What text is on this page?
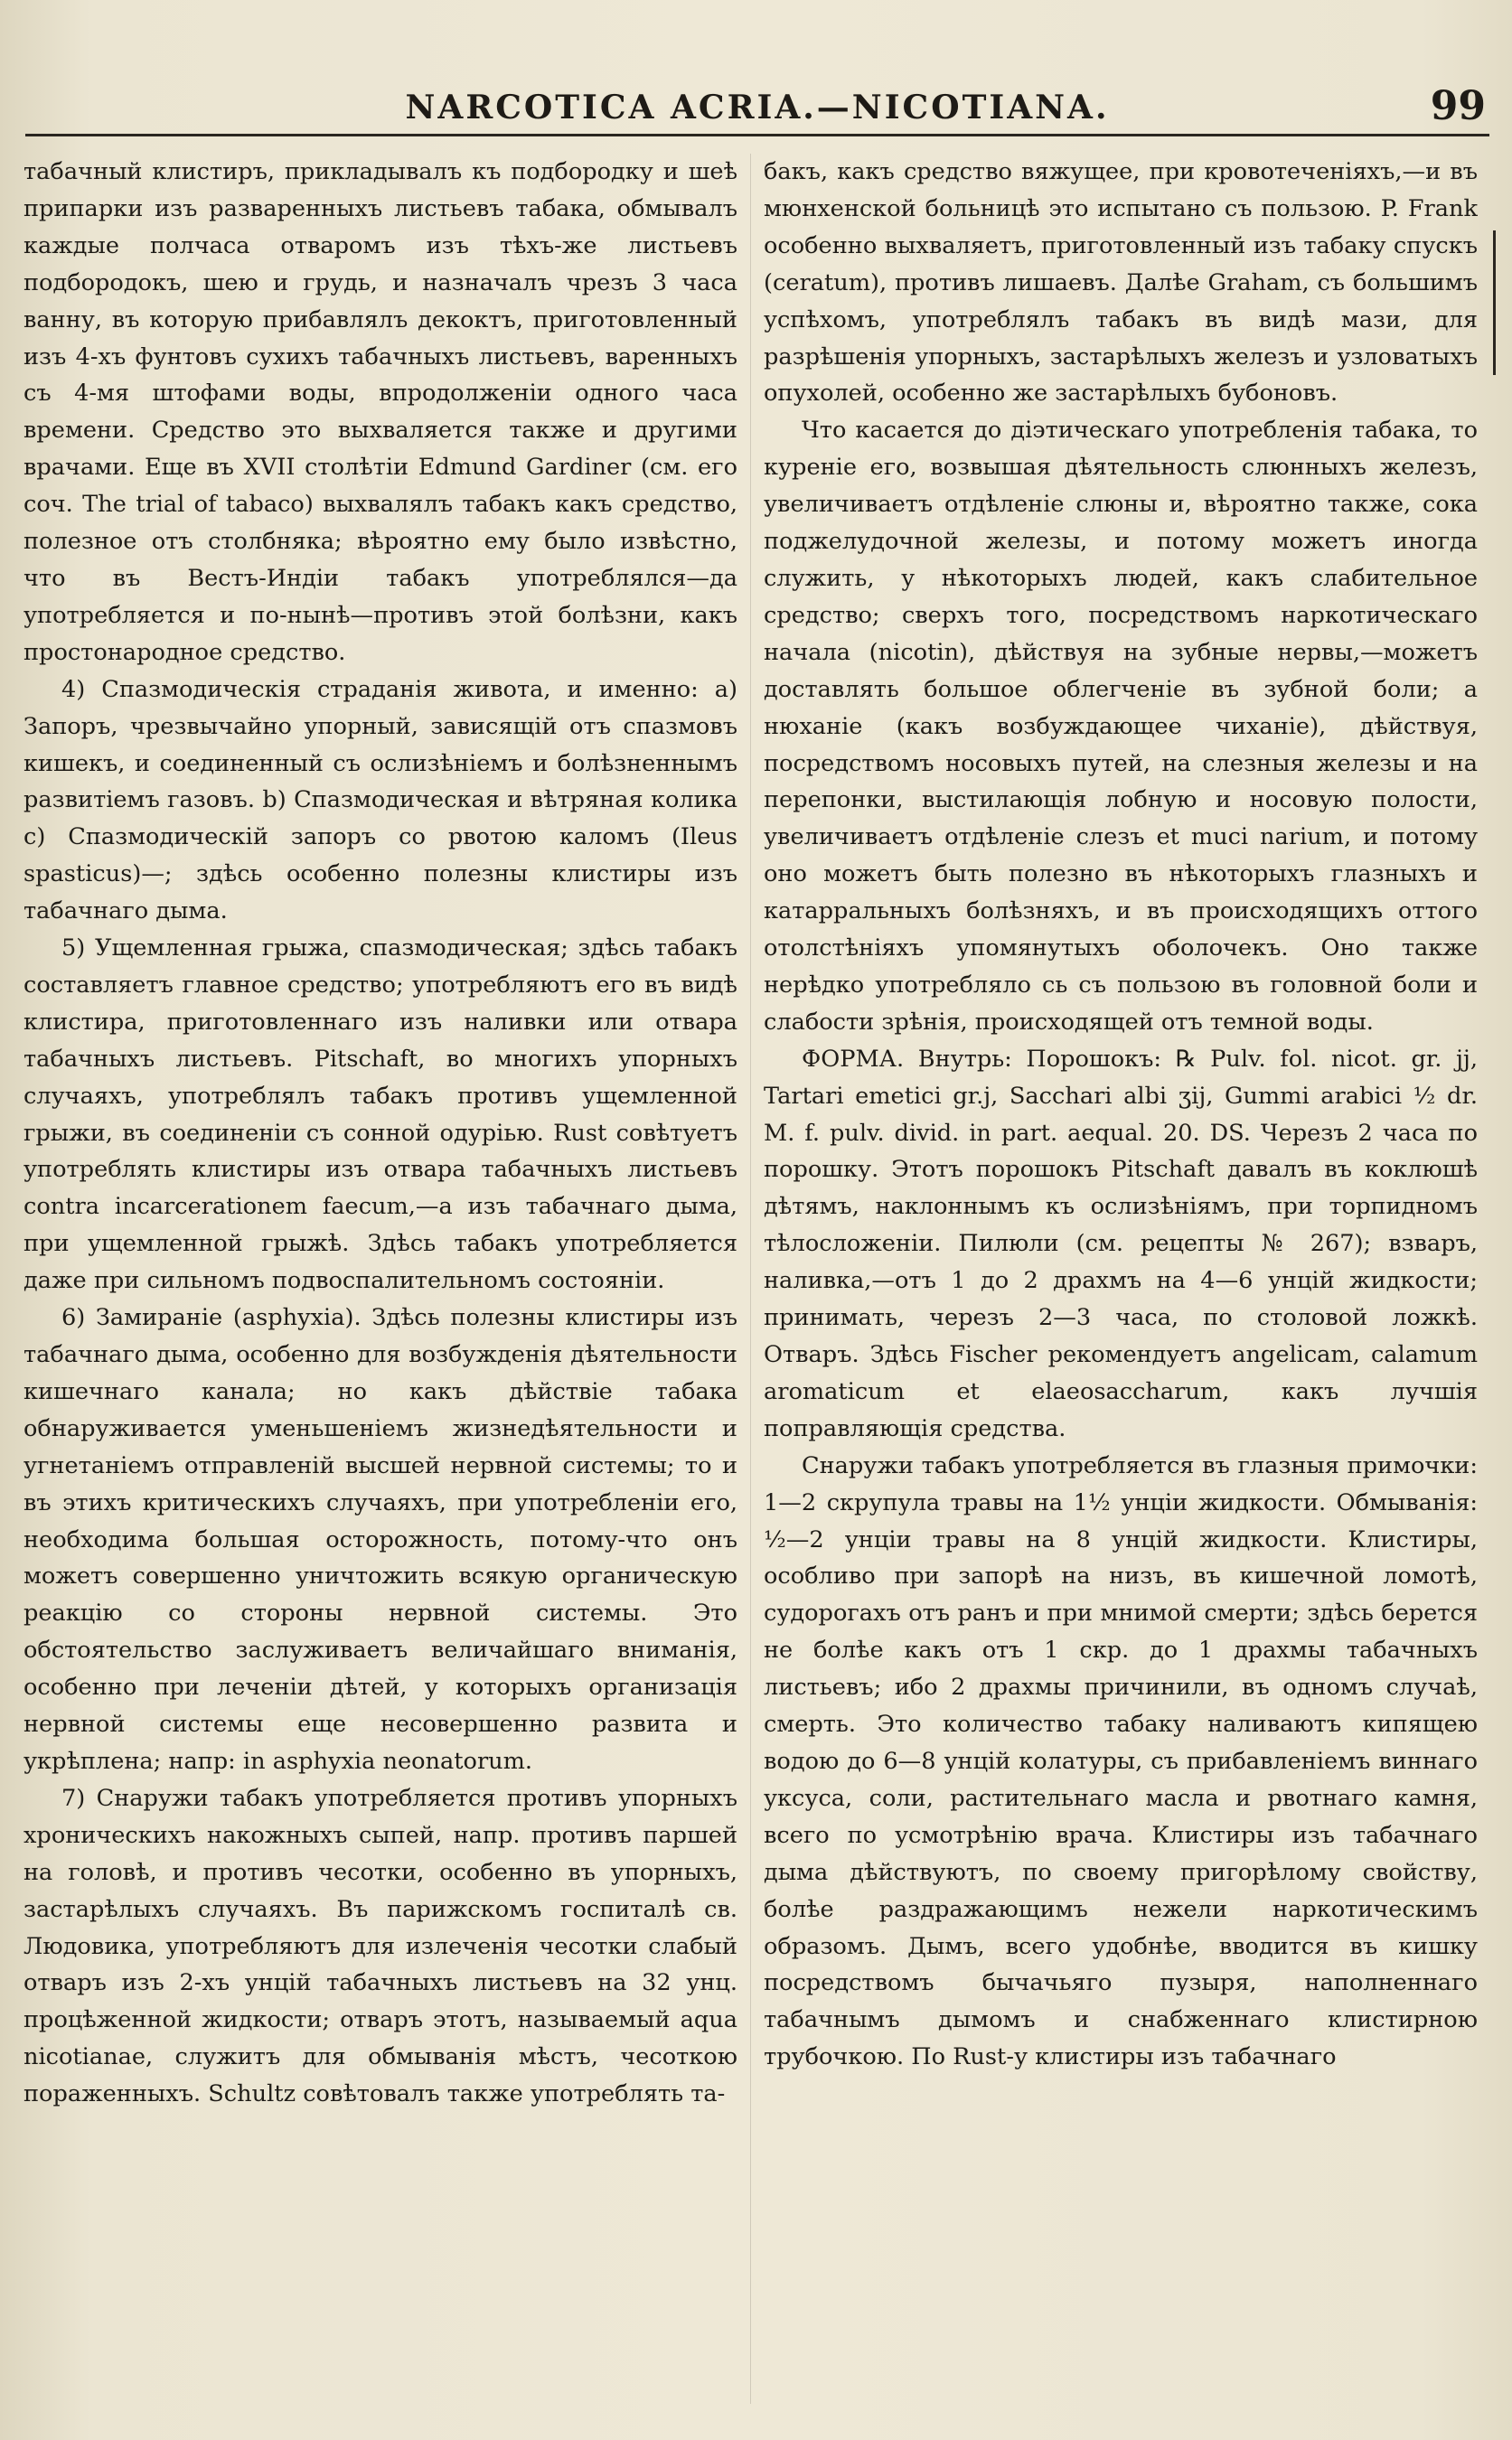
NARCOTICA ACRIA.—NICOTIANA.	99

табачный клистиръ, прикладывалъ къ подбородку и шеѣ припарки изъ разваренныхъ листьевъ табака, обмывалъ каждые полчаса отваромъ изъ тѣхъ-же листьевъ подбородокъ, шею и грудь, и назначалъ чрезъ 3 часа ванну, въ которую прибавлялъ декоктъ, приготовленный изъ 4-хъ фунтовъ сухихъ табачныхъ листьевъ, варенныхъ съ 4-мя штофами воды, впродолженіи одного часа времени. Средство это выхваляется также и другими врачами. Еще въ XVII столѣтіи Edmund Gardiner (см. его соч. The trial of tabaco) выхвалялъ табакъ какъ средство, полезное отъ столбняка; вѣроятно ему было извѣстно, что въ Вестъ-Индіи табакъ употреблялся—да употребляется и по-нынѣ—противъ этой болѣзни, какъ простонародное средство.

4) Спазмодическія страданія живота, и именно: а) Запоръ, чрезвычайно упорный, зависящій отъ спазмовъ кишекъ, и соединенный съ ослизѣніемъ и болѣзненнымъ развитіемъ газовъ. b) Спазмодическая и вѣтряная колика c) Спазмодическій запоръ со рвотою каломъ (Ileus spasticus)—; здѣсь особенно полезны клистиры изъ табачнаго дыма.

5) Ущемленная грыжа, спазмодическая; здѣсь табакъ составляетъ главное средство; употребляютъ его въ видѣ клистира, приготовленнаго изъ наливки или отвара табачныхъ листьевъ. Pitschaft, во многихъ упорныхъ случаяхъ, употреблялъ табакъ противъ ущемленной грыжи, въ соединеніи съ сонной одуріью. Rust совѣтуетъ употреблять клистиры изъ отвара табачныхъ листьевъ contra incarcerationem faecum,—а изъ табачнаго дыма, при ущемленной грыжѣ. Здѣсь табакъ употребляется даже при сильномъ подвоспалительномъ состояніи.

6) Замираніе (asphyxia). Здѣсь полезны клистиры изъ табачнаго дыма, особенно для возбужденія дѣятельности кишечнаго канала; но какъ дѣйствіе табака обнаруживается уменьшеніемъ жизнедѣятельности и угнетаніемъ отправленій высшей нервной системы; то и въ этихъ критическихъ случаяхъ, при употребленіи его, необходима большая осторожность, потому-что онъ можетъ совершенно уничтожить всякую органическую реакцію со стороны нервной системы. Это обстоятельство заслуживаетъ величайшаго вниманія, особенно при леченіи дѣтей, у которыхъ организація нервной системы еще несовершенно развита и укрѣплена; напр: in asphyxia neonatorum.

7) Снаружи табакъ употребляется противъ упорныхъ хроническихъ накожныхъ сыпей, напр. противъ паршей на головѣ, и противъ чесотки, особенно въ упорныхъ, застарѣлыхъ случаяхъ. Въ парижскомъ госпиталѣ св. Людовика, употребляютъ для излеченія чесотки слабый отваръ изъ 2-хъ унцій табачныхъ листьевъ на 32 унц. процѣженной жидкости; отваръ этотъ, называемый aqua nicotianae, служитъ для обмыванія мѣстъ, чесоткою пораженныхъ. Schultz совѣтовалъ также употреблять та-

бакъ, какъ средство вяжущее, при кровотеченіяхъ,—и въ мюнхенской больницѣ это испытано съ пользою. P. Frank особенно выхваляетъ, приготовленный изъ табаку спускъ (ceratum), противъ лишаевъ. Далѣе Graham, съ большимъ успѣхомъ, употреблялъ табакъ въ видѣ мази, для разрѣшенія упорныхъ, застарѣлыхъ железъ и узловатыхъ опухолей, особенно же застарѣлыхъ бубоновъ.

Что касается до діэтическаго употребленія табака, то куреніе его, возвышая дѣятельность слюнныхъ железъ, увеличиваетъ отдѣленіе слюны и, вѣроятно также, сока поджелудочной железы, и потому можетъ иногда служить, у нѣкоторыхъ людей, какъ слабительное средство; сверхъ того, посредствомъ наркотическаго начала (nicotin), дѣйствуя на зубные нервы,—можетъ доставлять большое облегченіе въ зубной боли; а нюханіе (какъ возбуждающее чиханіе), дѣйствуя, посредствомъ носовыхъ путей, на слезныя железы и на перепонки, выстилающія лобную и носовую полости, увеличиваетъ отдѣленіе слезъ et muci narium, и потому оно можетъ быть полезно въ нѣкоторыхъ глазныхъ и катарральныхъ болѣзняхъ, и въ происходящихъ оттого отолстѣніяхъ упомянутыхъ оболочекъ. Оно также нерѣдко употребляло сь съ пользою въ головной боли и слабости зрѣнія, происходящей отъ темной воды.

ФОРМА. Внутрь: Порошокъ: ℞ Pulv. fol. nicot. gr. jj, Tartari emetici gr.j, Sacchari albi ʒij, Gummi arabici ½ dr. M. f. pulv. divid. in part. aequal. 20. DS. Черезъ 2 часа по порошку. Этотъ порошокъ Pitschaft давалъ въ коклюшѣ дѣтямъ, наклоннымъ къ ослизѣніямъ, при торпидномъ тѣлосложеніи. Пилюли (см. рецепты № 267); взваръ, наливка,—отъ 1 до 2 драхмъ на 4—6 унцій жидкости; принимать, черезъ 2—3 часа, по столовой ложкѣ. Отваръ. Здѣсь Fischer рекомендуетъ angelicam, calamum aromaticum et elaeosaccharum, какъ лучшія поправляющія средства.

Снаружи табакъ употребляется въ глазныя примочки: 1—2 скрупула травы на 1½ унціи жидкости. Обмыванія: ½—2 унціи травы на 8 унцій жидкости. Клистиры, особливо при запорѣ на низъ, въ кишечной ломотѣ, судорогахъ отъ ранъ и при мнимой смерти; здѣсь берется не болѣе какъ отъ 1 скр. до 1 драхмы табачныхъ листьевъ; ибо 2 драхмы причинили, въ одномъ случаѣ, смерть. Это количество табаку наливаютъ кипящею водою до 6—8 унцій колатуры, съ прибавленіемъ виннаго уксуса, соли, растительнаго масла и рвотнаго камня, всего по усмотрѣнію врача. Клистиры изъ табачнаго дыма дѣйствуютъ, по своему пригорѣлому свойству, болѣе раздражающимъ нежели наркотическимъ образомъ. Дымъ, всего удобнѣе, вводится въ кишку посредствомъ бычачьяго пузыря, наполненнаго табачнымъ дымомъ и снабженнаго клистирною трубочкою. По Rust-у клистиры изъ табачнаго
